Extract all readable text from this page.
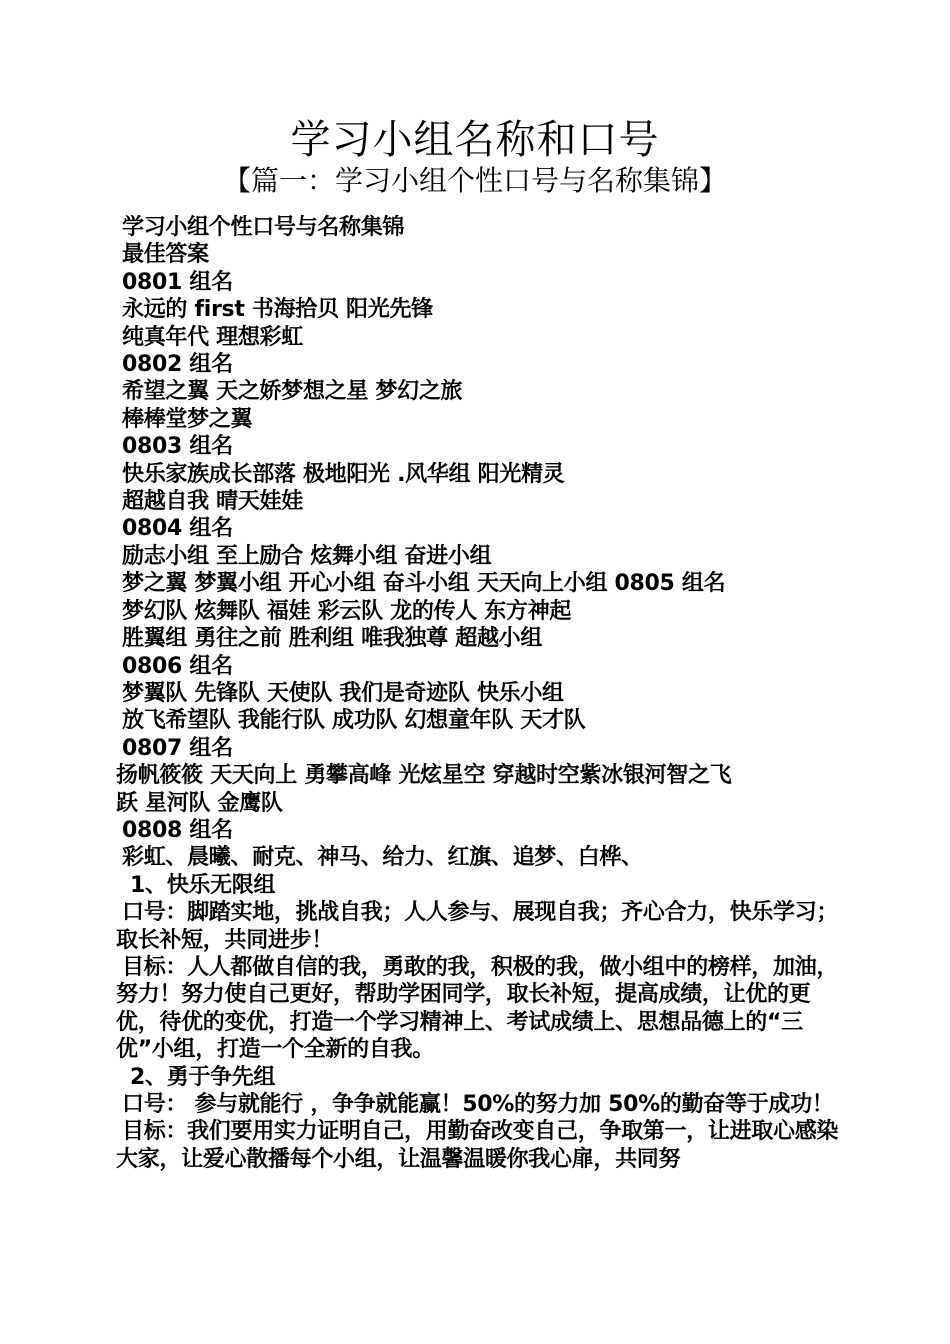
学习小组名称和口号
【篇一：学习小组个性口号与名称集锦】
学习小组个性口号与名称集锦
最佳答案
0801 组名
永远的 first 书海拾贝 阳光先锋
纯真年代 理想彩虹
0802 组名
希望之翼 天之娇梦想之星 梦幻之旅
棒棒堂梦之翼
0803 组名
快乐家族成长部落 极地阳光 .风华组 阳光精灵
超越自我 晴天娃娃
0804 组名
励志小组 至上励合 炫舞小组 奋进小组
梦之翼 梦翼小组 开心小组 奋斗小组 天天向上小组 0805 组名
梦幻队 炫舞队 福娃 彩云队 龙的传人 东方神起
胜翼组 勇往之前 胜利组 唯我独尊 超越小组
0806 组名
梦翼队 先锋队 天使队 我们是奇迹队 快乐小组
放飞希望队 我能行队 成功队 幻想童年队 天才队
0807 组名
扬帆筱筱 天天向上 勇攀高峰 光炫星空 穿越时空紫冰银河智之飞
跃 星河队 金鹰队
0808 组名
彩虹、晨曦、耐克、神马、给力、红旗、追梦、白桦、
1、快乐无限组
口号：脚踏实地，挑战自我；人人参与、展现自我；齐心合力，快乐学习；取长补短，共同进步！
目标：人人都做自信的我，勇敢的我，积极的我，做小组中的榜样，加油，努力！努力使自己更好，帮助学困同学，取长补短，提高成绩，让优的更优，待优的变优，打造一个学习精神上、考试成绩上、思想品德上的“三优”小组，打造一个全新的自我。
2、勇于争先组
口号： 参与就能行 ，争争就能赢！50%的努力加 50%的勤奋等于成功！
目标：我们要用实力证明自己，用勤奋改变自己，争取第一，让进取心感染大家，让爱心散播每个小组，让温馨温暖你我心扉，共同努
